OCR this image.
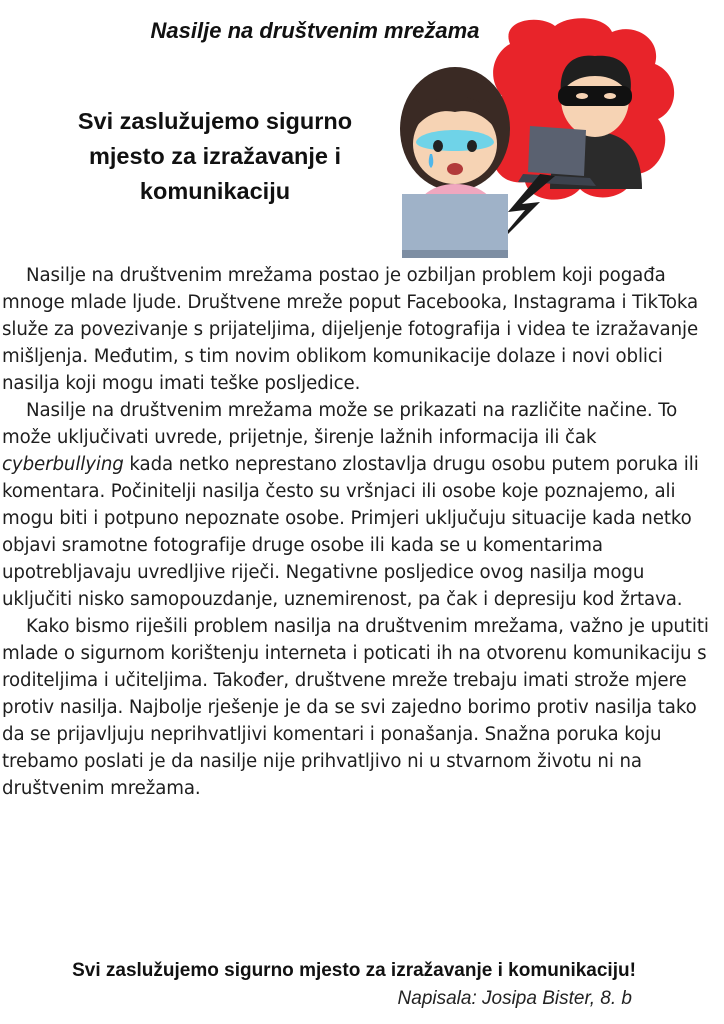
Nasilje na društvenim mrežama
Svi zaslužujemo sigurno mjesto za izražavanje i komunikaciju

Nasilje na društvenim mrežama postao je ozbiljan problem koji pogađa mnoge mlade ljude. Društvene mreže poput Facebooka, Instagrama i TikToka služe za povezivanje s prijateljima, dijeljenje fotografija i videa te izražavanje mišljenja. Međutim, s tim novim oblikom komunikacije dolaze i novi oblici nasilja koji mogu imati teške posljedice.

Nasilje na društvenim mrežama može se prikazati na različite načine. To može uključivati uvrede, prijetnje, širenje lažnih informacija ili čak cyberbullying kada netko neprestano zlostavlja drugu osobu putem poruka ili komentara. Počinitelji nasilja često su vršnjaci ili osobe koje poznajemo, ali mogu biti i potpuno nepoznate osobe. Primjeri uključuju situacije kada netko objavi sramotne fotografije druge osobe ili kada se u komentarima upotrebljavaju uvredljive riječi. Negativne posljedice ovog nasilja mogu uključiti nisko samopouzdanje, uznemirenost, pa čak i depresiju kod žrtava.

Kako bismo riješili problem nasilja na društvenim mrežama, važno je uputiti mlade o sigurnom korištenju interneta i poticati ih na otvorenu komunikaciju s roditeljima i učiteljima. Također, društvene mreže trebaju imati strože mjere protiv nasilja. Najbolje rješenje je da se svi zajedno borimo protiv nasilja tako da se prijavljuju neprihvatljivi komentari i ponašanja. Snažna poruka koju trebamo poslati je da nasilje nije prihvatljivo ni u stvarnom životu ni na društvenim mrežama.

Svi zaslužujemo sigurno mjesto za izražavanje i komunikaciju!
Napisala: Josipa Bister, 8. b
